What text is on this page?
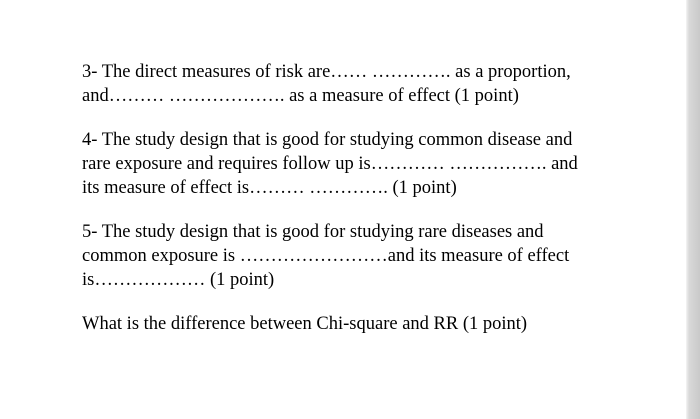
3- The direct measures of risk are…… …………. as a proportion,
and……… ………………. as a measure of effect (1 point)
4- The study design that is good for studying common disease and
rare exposure and requires follow up is………… ……………. and
its measure of effect is……… …………. (1 point)
5- The study design that is good for studying rare diseases and
common exposure is ……………………and its measure of effect
is……………… (1 point)
What is the difference between Chi-square and RR (1 point)
